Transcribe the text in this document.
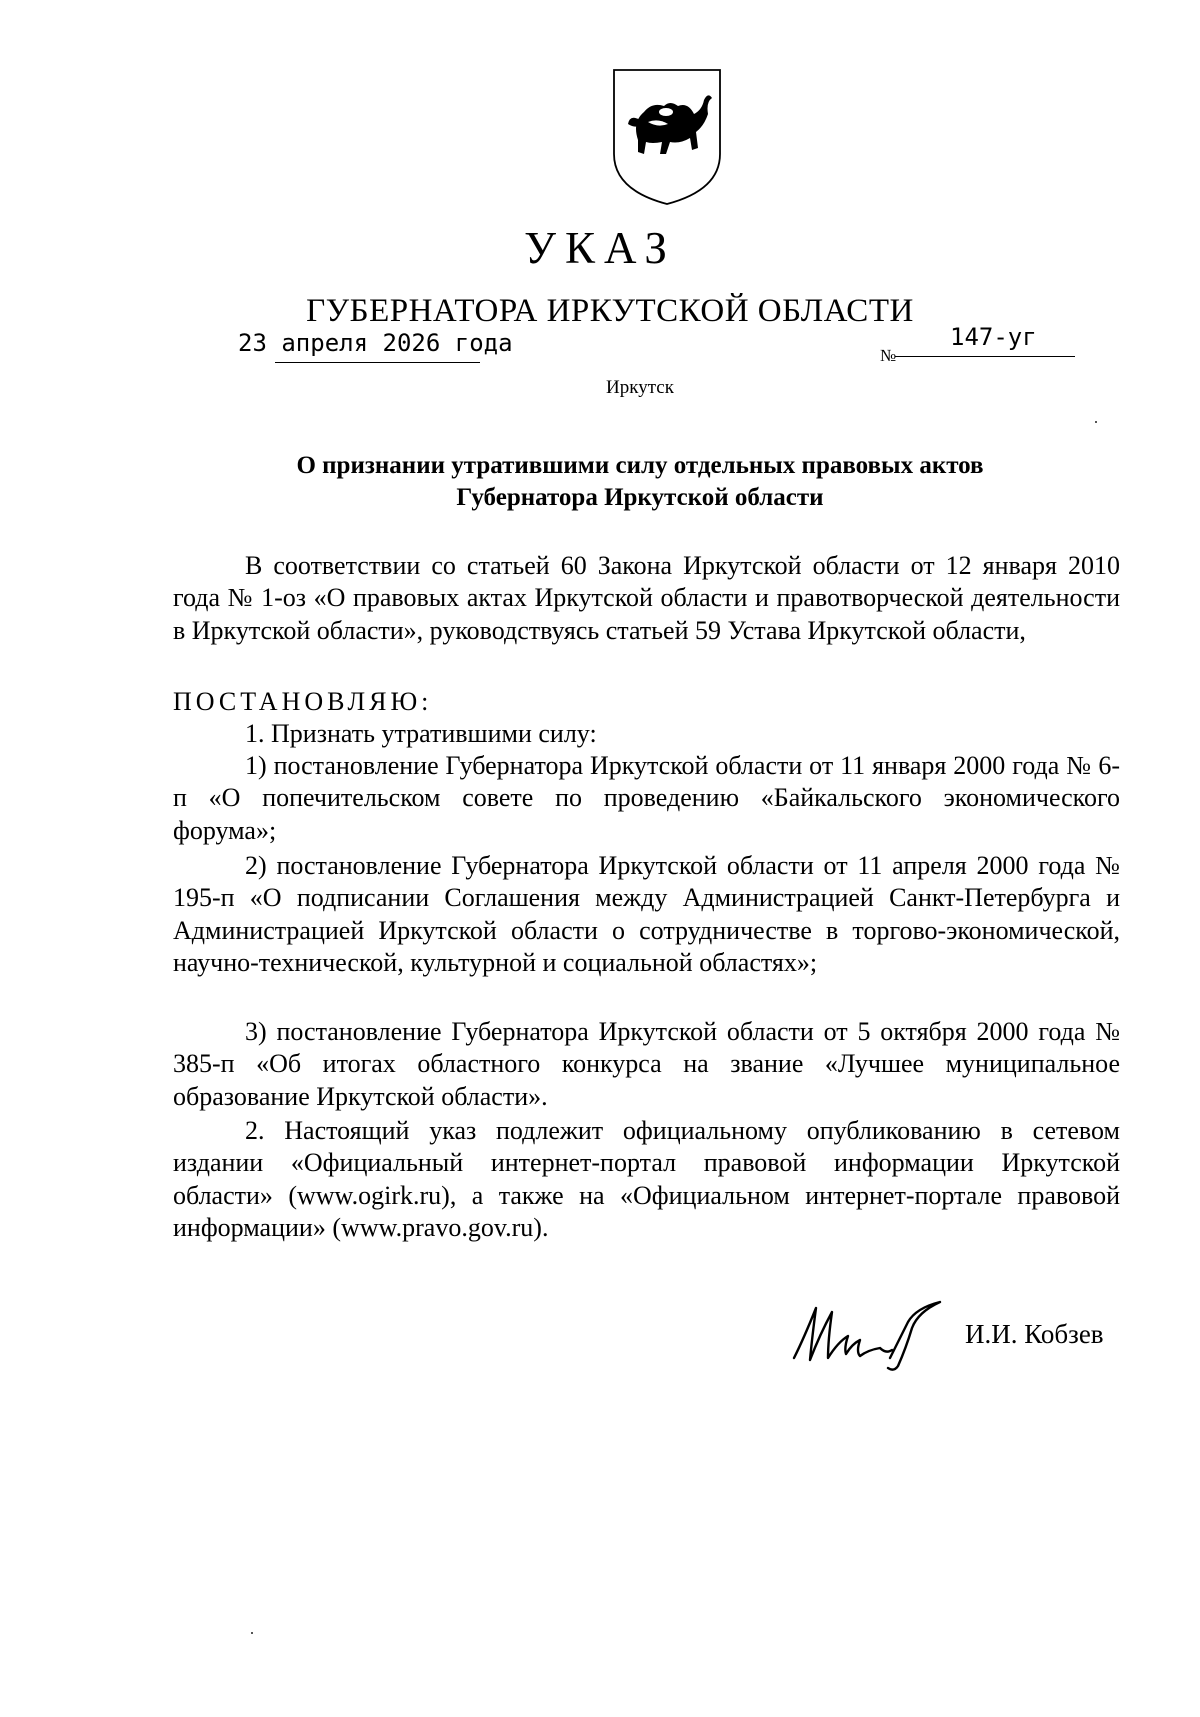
УКАЗ
ГУБЕРНАТОРА ИРКУТСКОЙ ОБЛАСТИ
23 апреля 2026 года	№
147-уг
Иркутск
О признании утратившими силу отдельных правовых актов
Губернатора Иркутской области
В соответствии со статьей 60 Закона Иркутской области от 12 января 2010 года № 1-оз «О правовых актах Иркутской области и правотворческой деятельности в Иркутской области», руководствуясь статьей 59 Устава Иркутской области,
ПОСТАНОВЛЯЮ:
1. Признать утратившими силу:
1) постановление Губернатора Иркутской области от 11 января 2000 года № 6-п «О попечительском совете по проведению «Байкальского экономического форума»;
2) постановление Губернатора Иркутской области от 11 апреля 2000 года № 195-п «О подписании Соглашения между Администрацией Санкт-Петербурга и Администрацией Иркутской области о сотрудничестве в торгово-экономической, научно-технической, культурной и социальной областях»;
3) постановление Губернатора Иркутской области от 5 октября 2000 года № 385-п «Об итогах областного конкурса на звание «Лучшее муниципальное образование Иркутской области».
2. Настоящий указ подлежит официальному опубликованию в сетевом издании «Официальный интернет-портал правовой информации Иркутской области» (www.ogirk.ru), а также на «Официальном интернет-портале правовой информации» (www.pravo.gov.ru).
И.И. Кобзев
